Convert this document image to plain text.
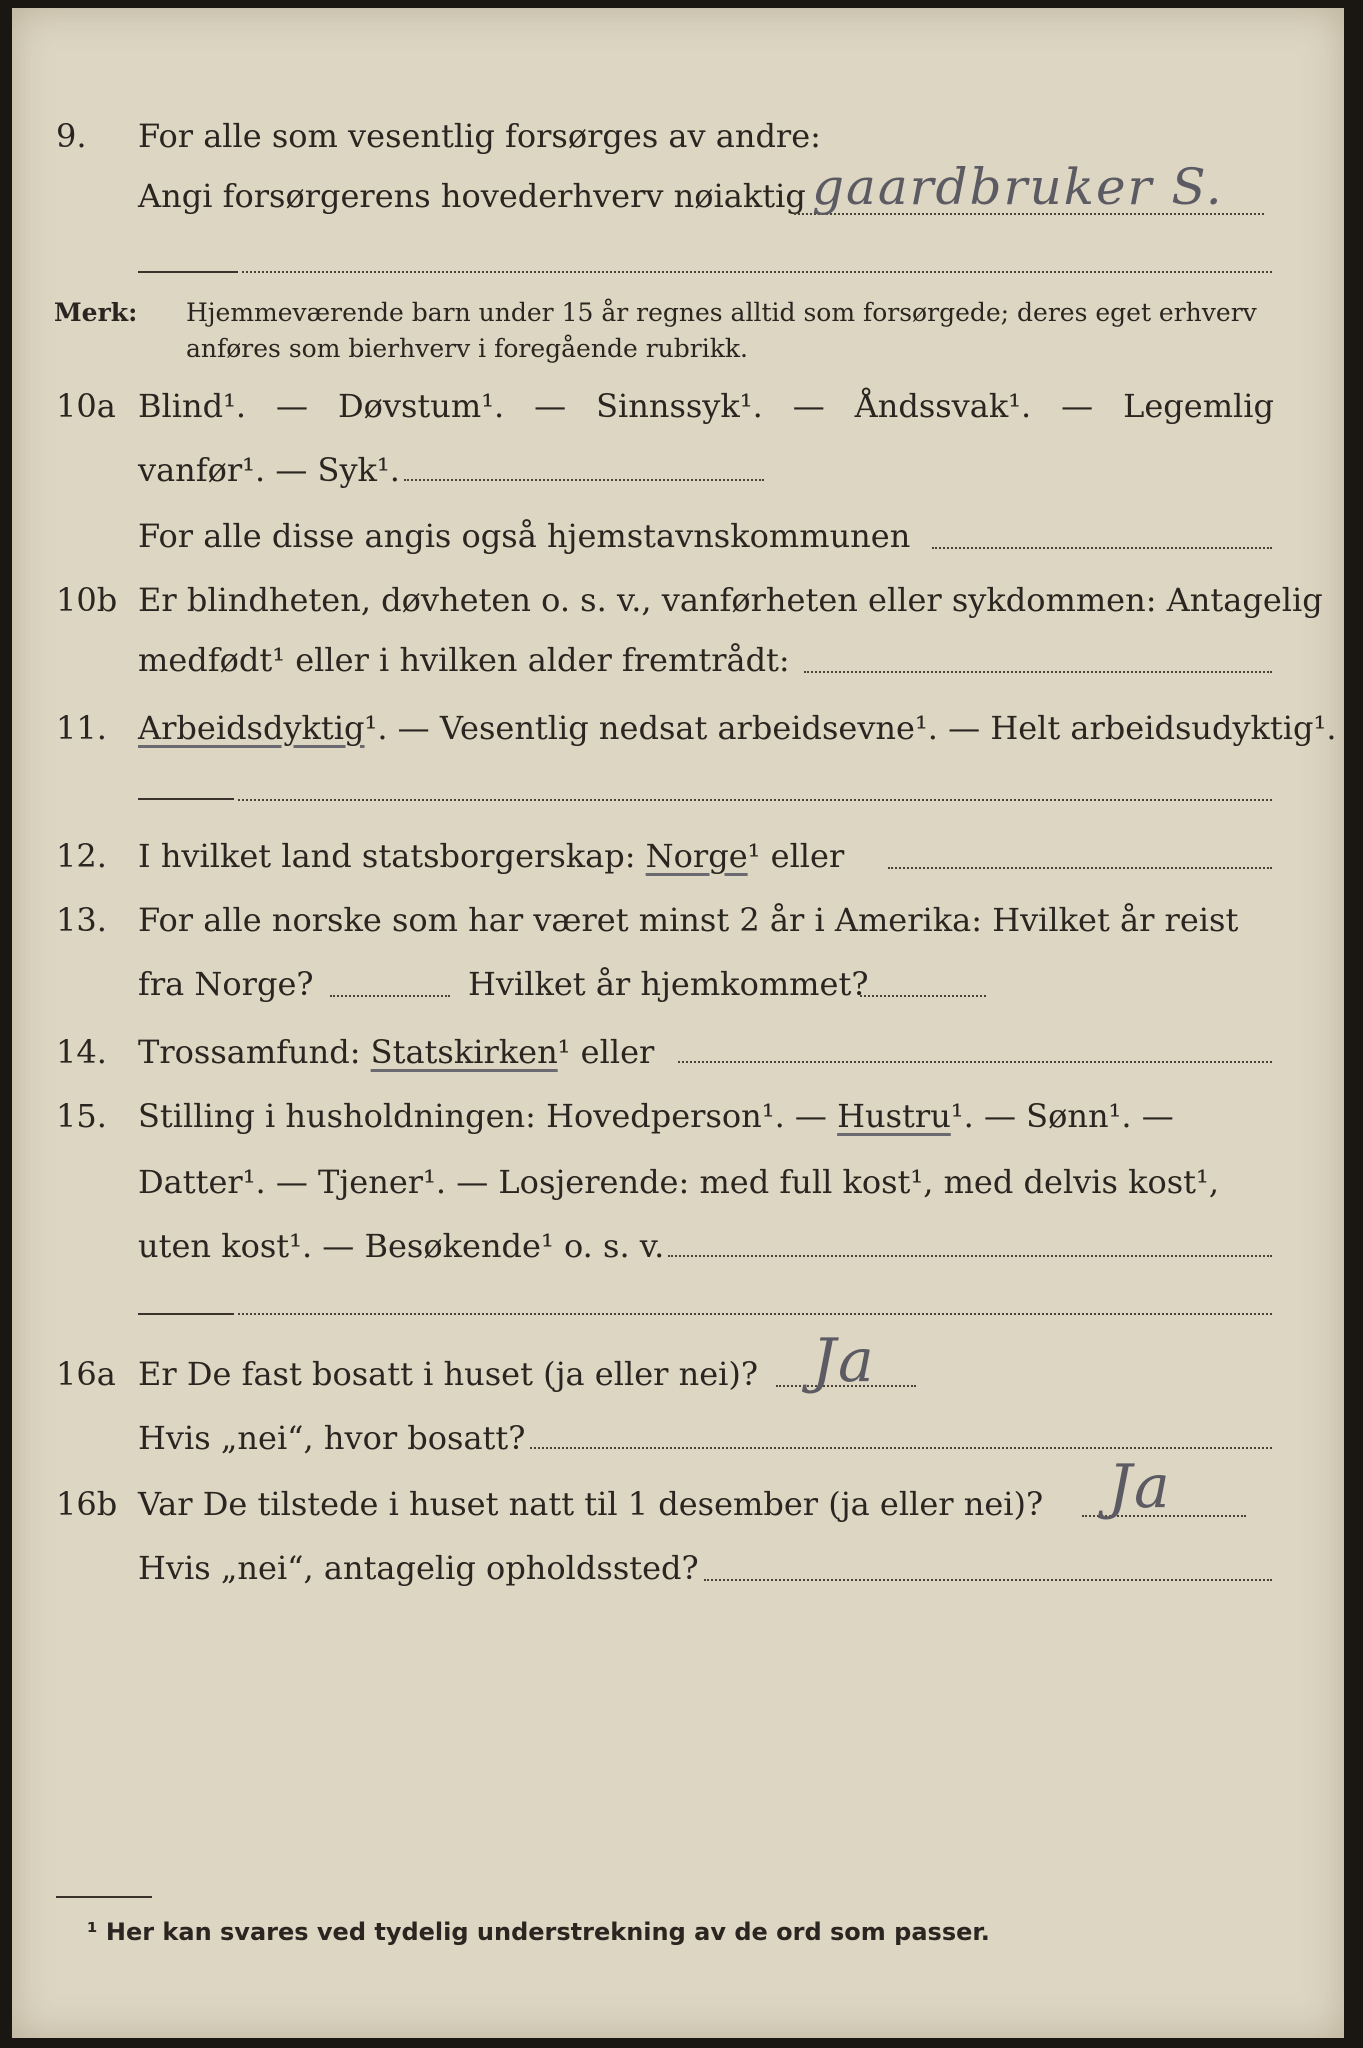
9. For alle som vesentlig forsørges av andre:
Angi forsørgerens hovederhverv nøiaktig gaardbruker S.
Merk: Hjemmeværende barn under 15 år regnes alltid som forsørgede; deres eget erhverv
anføres som bierhverv i foregående rubrikk.
10a Blind¹. — Døvstum¹. — Sinnssyk¹. — Åndssvak¹. — Legemlig
vanfør¹. — Syk¹.
For alle disse angis også hjemstavnskommunen
10b Er blindheten, døvheten o. s. v., vanførheten eller sykdommen: Antagelig
medfødt¹ eller i hvilken alder fremtrådt:
11. Arbeidsdyktig¹. — Vesentlig nedsat arbeidsevne¹. — Helt arbeidsudyktig¹.
12. I hvilket land statsborgerskap: Norge¹ eller
13. For alle norske som har været minst 2 år i Amerika: Hvilket år reist
fra Norge?	Hvilket år hjemkommet?
14. Trossamfund: Statskirken¹ eller
15. Stilling i husholdningen: Hovedperson¹. — Hustru¹. — Sønn¹. —
Datter¹. — Tjener¹. — Losjerende: med full kost¹, med delvis kost¹,
uten kost¹. — Besøkende¹ o. s. v.
16a Er De fast bosatt i huset (ja eller nei)? Ja
Hvis „nei“, hvor bosatt?
16b Var De tilstede i huset natt til 1 desember (ja eller nei)? Ja
Hvis „nei“, antagelig opholdssted?
¹ Her kan svares ved tydelig understrekning av de ord som passer.
